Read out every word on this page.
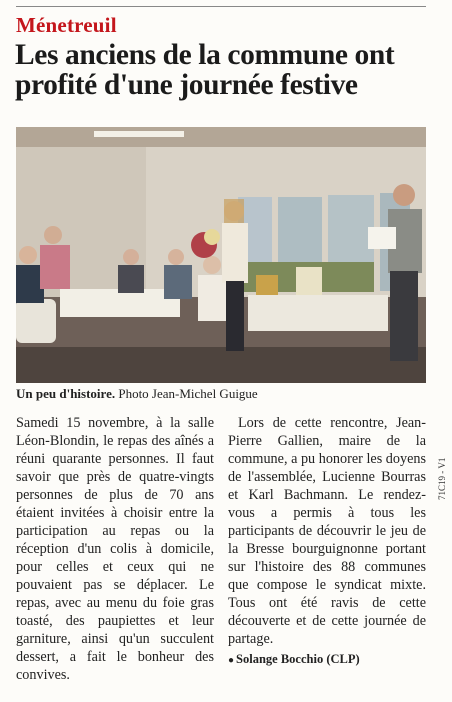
Ménetreuil
Les anciens de la commune ont profité d'une journée festive
Un peu d'histoire. Photo Jean-Michel Guigue
71C19 - V1

Samedi 15 novembre, à la salle Léon-Blondin, le repas des aînés a réuni quarante personnes. Il faut savoir que près de quatre-vingts personnes de plus de 70 ans étaient invitées à choisir entre la participation au repas ou la réception d'un colis à domicile, pour celles et ceux qui ne pouvaient pas se déplacer. Le repas, avec au menu du foie gras toasté, des paupiettes et leur garniture, ainsi qu'un succulent dessert, a fait le bonheur des convives.

Lors de cette rencontre, Jean-Pierre Gallien, maire de la commune, a pu honorer les doyens de l'assemblée, Lucienne Bourras et Karl Bachmann. Le rendez-vous a permis à tous les participants de découvrir le jeu de la Bresse bourguignonne portant sur l'histoire des 88 communes que compose le syndicat mixte. Tous ont été ravis de cette découverte et de cette journée de partage.

● Solange Bocchio (CLP)
